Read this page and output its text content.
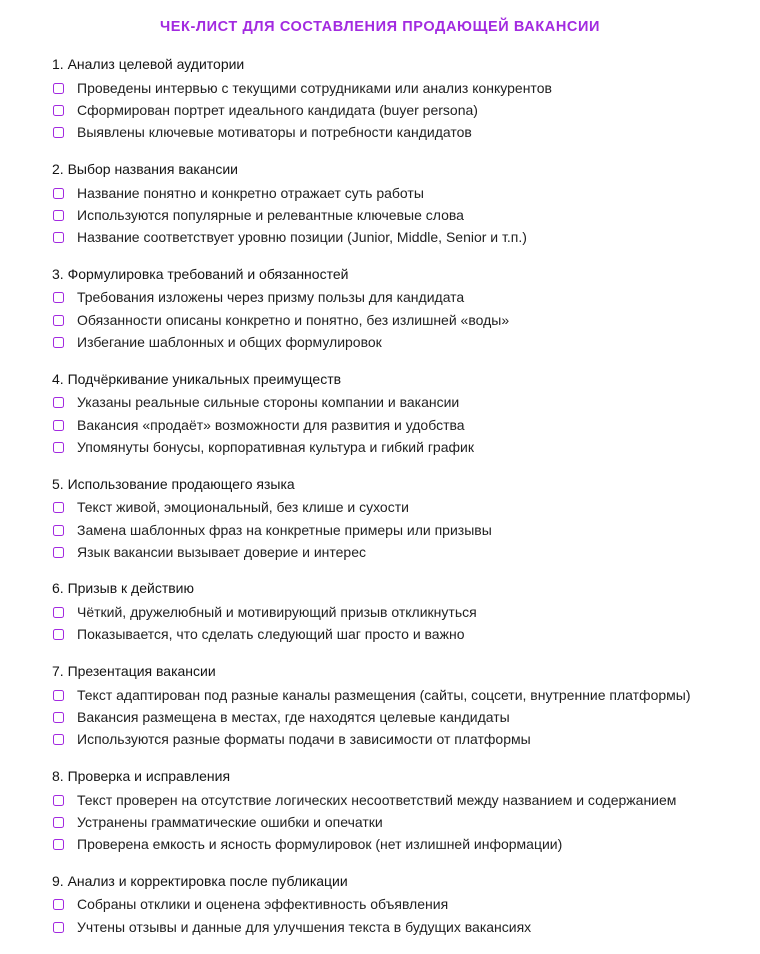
ЧЕК-ЛИСТ ДЛЯ СОСТАВЛЕНИЯ ПРОДАЮЩЕЙ ВАКАНСИИ
1. Анализ целевой аудитории
Проведены интервью с текущими сотрудниками или анализ конкурентов
Сформирован портрет идеального кандидата (buyer persona)
Выявлены ключевые мотиваторы и потребности кандидатов
2. Выбор названия вакансии
Название понятно и конкретно отражает суть работы
Используются популярные и релевантные ключевые слова
Название соответствует уровню позиции (Junior, Middle, Senior и т.п.)
3. Формулировка требований и обязанностей
Требования изложены через призму пользы для кандидата
Обязанности описаны конкретно и понятно, без излишней «воды»
Избегание шаблонных и общих формулировок
4. Подчёркивание уникальных преимуществ
Указаны реальные сильные стороны компании и вакансии
Вакансия «продаёт» возможности для развития и удобства
Упомянуты бонусы, корпоративная культура и гибкий график
5. Использование продающего языка
Текст живой, эмоциональный, без клише и сухости
Замена шаблонных фраз на конкретные примеры или призывы
Язык вакансии вызывает доверие и интерес
6. Призыв к действию
Чёткий, дружелюбный и мотивирующий призыв откликнуться
Показывается, что сделать следующий шаг просто и важно
7. Презентация вакансии
Текст адаптирован под разные каналы размещения (сайты, соцсети, внутренние платформы)
Вакансия размещена в местах, где находятся целевые кандидаты
Используются разные форматы подачи в зависимости от платформы
8. Проверка и исправления
Текст проверен на отсутствие логических несоответствий между названием и содержанием
Устранены грамматические ошибки и опечатки
Проверена емкость и ясность формулировок (нет излишней информации)
9. Анализ и корректировка после публикации
Собраны отклики и оценена эффективность объявления
Учтены отзывы и данные для улучшения текста в будущих вакансиях
